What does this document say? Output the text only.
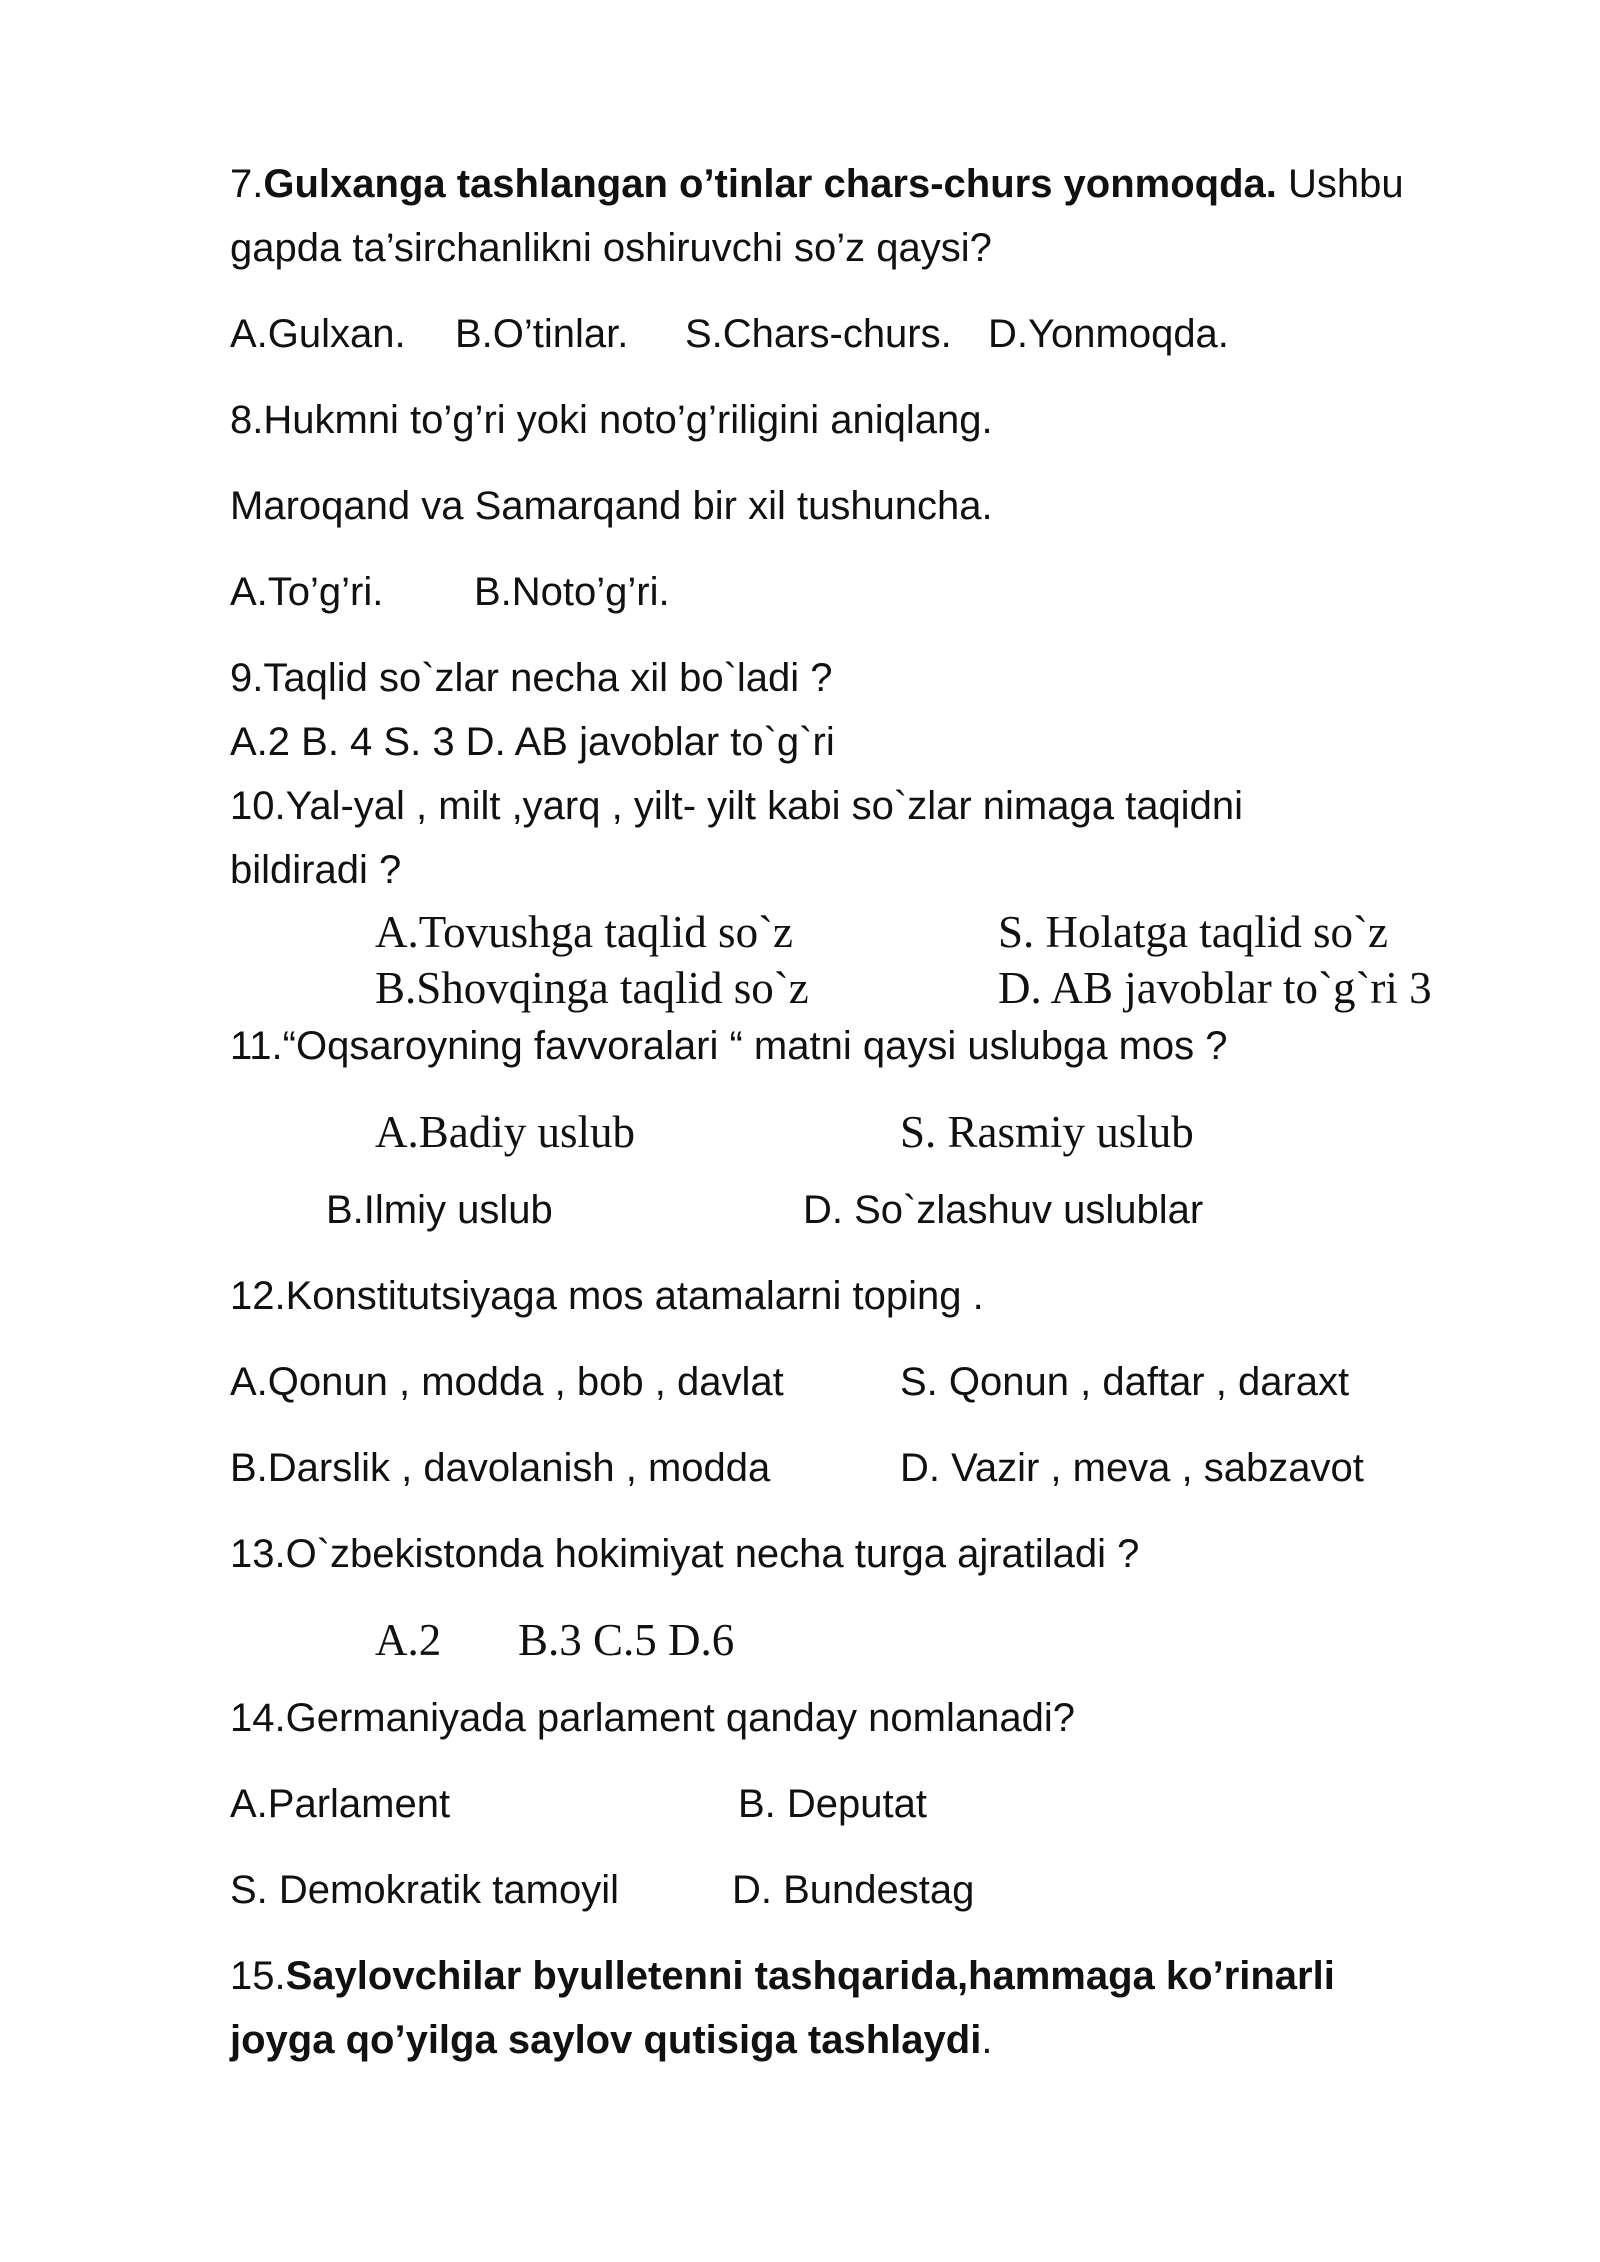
7.Gulxanga tashlangan o’tinlar chars-churs yonmoqda. Ushbu
gapda ta’sirchanlikni oshiruvchi so’z qaysi?
A.Gulxan. B.O’tinlar. S.Chars-churs. D.Yonmoqda.
8.Hukmni to’g’ri yoki noto’g’riligini aniqlang.
Maroqand va Samarqand bir xil tushuncha.
A.To’g’ri. B.Noto’g’ri.
9.Taqlid so`zlar necha xil bo`ladi ?
A.2 B. 4 S. 3 D. AB javoblar to`g`ri
10.Yal-yal , milt ,yarq , yilt- yilt kabi so`zlar nimaga taqidni
bildiradi ?
A.Tovushga taqlid so`z	S. Holatga taqlid so`z
B.Shovqinga taqlid so`z	D. AB javoblar to`g`ri 3
11.“Oqsaroyning favvoralari “ matni qaysi uslubga mos ?
A.Badiy uslub	S. Rasmiy uslub
B.Ilmiy uslub	D. So`zlashuv uslublar
12.Konstitutsiyaga mos atamalarni toping .
A.Qonun , modda , bob , davlat	S. Qonun , daftar , daraxt
B.Darslik , davolanish , modda	D. Vazir , meva , sabzavot
13.O`zbekistonda hokimiyat necha turga ajratiladi ?
A.2 B.3 C.5 D.6
14.Germaniyada parlament qanday nomlanadi?
A.Parlament	B. Deputat
S. Demokratik tamoyil	D. Bundestag
15.Saylovchilar byulletenni tashqarida,hammaga ko’rinarli
joyga qo’yilga saylov qutisiga tashlaydi.
